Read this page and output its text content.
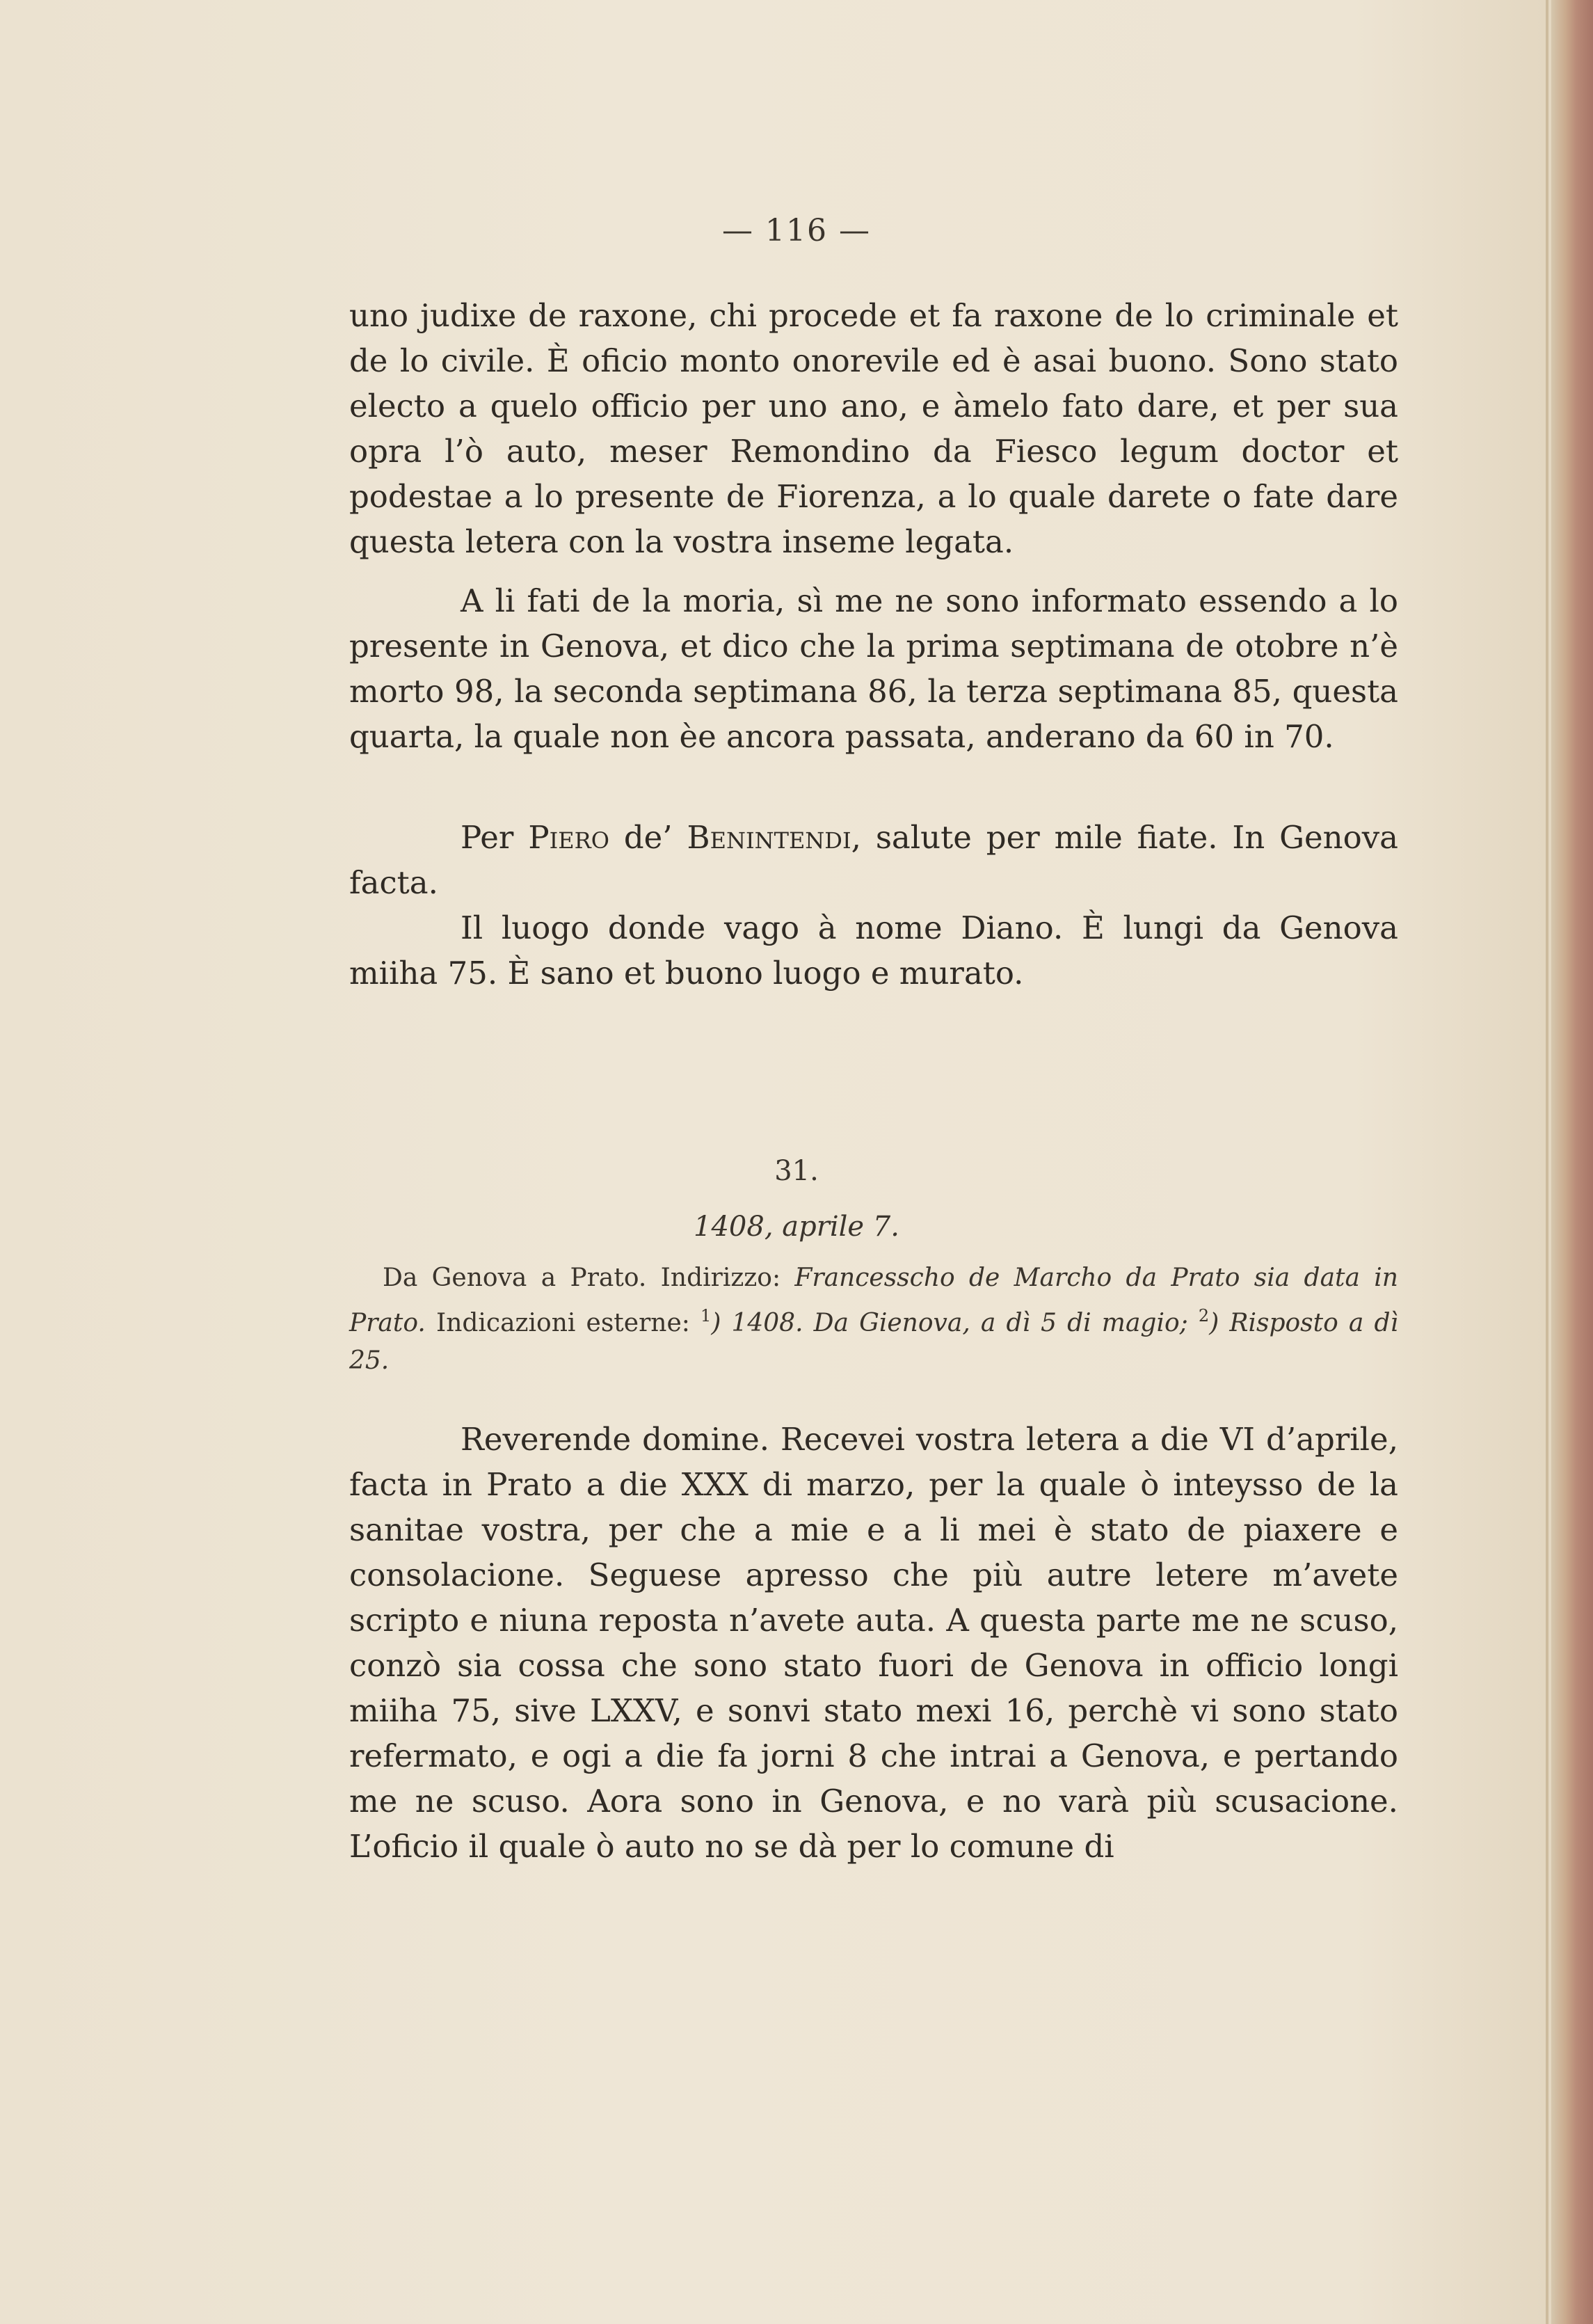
— 116 —

uno judixe de raxone, chi procede et fa raxone de lo criminale et de lo civile. È oficio monto onorevile ed è asai buono. Sono stato electo a quelo officio per uno ano, e àmelo fato dare, et per sua opra l’ò auto, meser Remondino da Fiesco legum doctor et podestae a lo presente de Fiorenza, a lo quale darete o fate dare questa letera con la vostra inseme legata.

A li fati de la moria, sì me ne sono informato essendo a lo presente in Genova, et dico che la prima septimana de otobre n’è morto 98, la seconda septimana 86, la terza septimana 85, questa quarta, la quale non èe ancora passata, anderano da 60 in 70.

Per Piero de’ Benintendi, salute per mile fiate. In Genova facta.

Il luogo donde vago à nome Diano. È lungi da Genova miiha 75. È sano et buono luogo e murato.

31.
1408, aprile 7.

Da Genova a Prato. Indirizzo: Francesscho de Marcho da Prato sia data in Prato. Indicazioni esterne: $^1$) 1408. Da Gienova, a dì 5 di magio; $^2$) Risposto a dì 25.

Reverende domine. Recevei vostra letera a die VI d’aprile, facta in Prato a die XXX di marzo, per la quale ò inteysso de la sanitae vostra, per che a mie e a li mei è stato de piaxere e consolacione. Seguese apresso che più autre letere m’avete scripto e niuna reposta n’avete auta. A questa parte me ne scuso, conzò sia cossa che sono stato fuori de Genova in officio longi miiha 75, sive LXXV, e sonvi stato mexi 16, perchè vi sono stato refermato, e ogi a die fa jorni 8 che intrai a Genova, e pertando me ne scuso. Aora sono in Genova, e no varà più scusacione. L’oficio il quale ò auto no se dà per lo comune di
